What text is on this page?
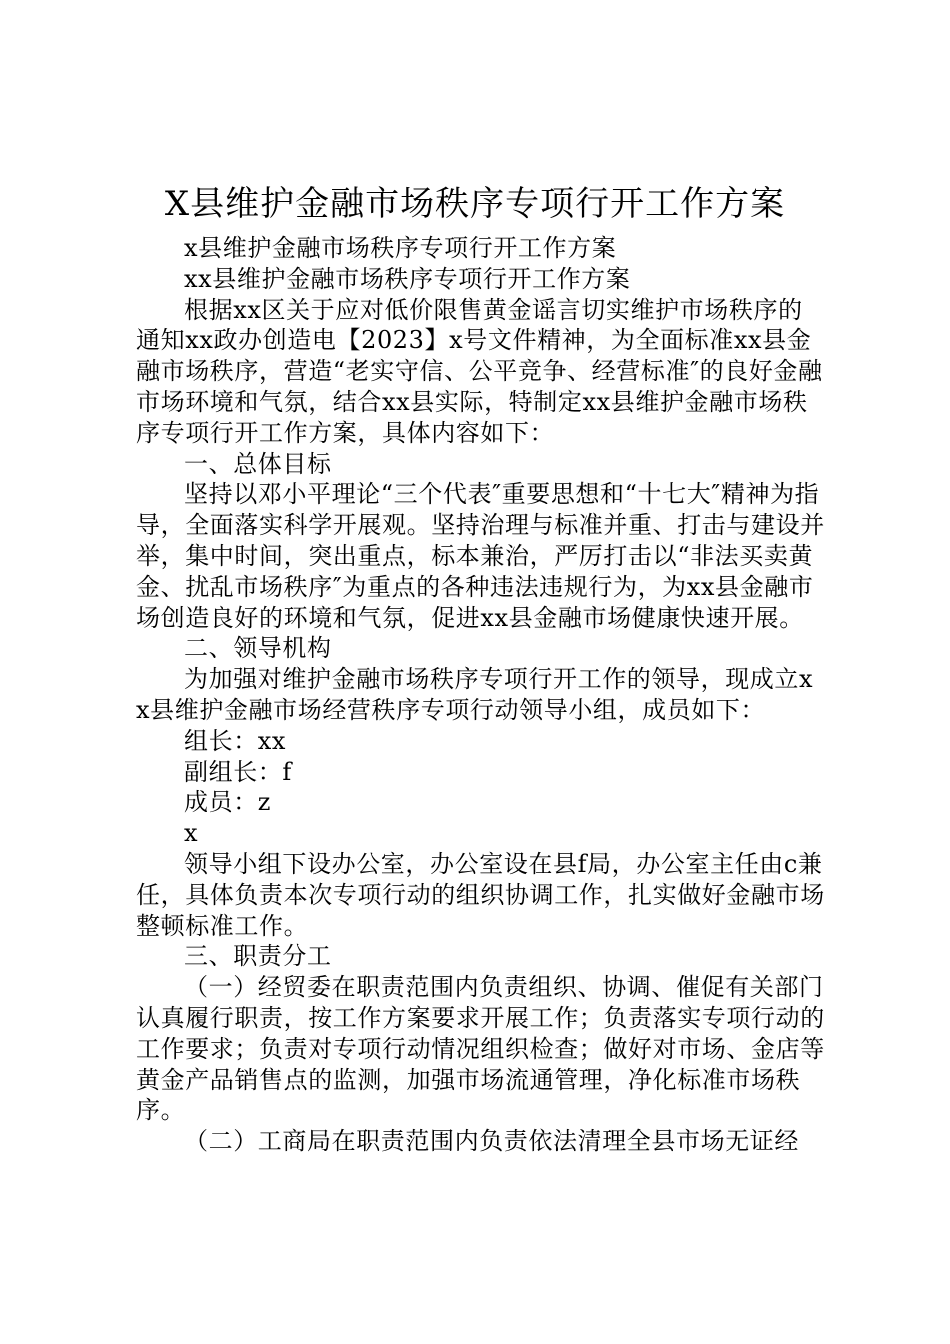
X县维护金融市场秩序专项行开工作方案

x县维护金融市场秩序专项行开工作方案

xx县维护金融市场秩序专项行开工作方案

根据xx区关于应对低价限售黄金谣言切实维护市场秩序的通知xx政办创造电【2023】x号文件精神，为全面标准xx县金融市场秩序，营造“老实守信、公平竞争、经营标准″的良好金融市场环境和气氛，结合xx县实际，特制定xx县维护金融市场秩序专项行开工作方案，具体内容如下：

一、总体目标

坚持以邓小平理论“三个代表″重要思想和“十七大″精神为指导，全面落实科学开展观。坚持治理与标准并重、打击与建设并举，集中时间，突出重点，标本兼治，严厉打击以“非法买卖黄金、扰乱市场秩序″为重点的各种违法违规行为，为xx县金融市场创造良好的环境和气氛，促进xx县金融市场健康快速开展。

二、领导机构

为加强对维护金融市场秩序专项行开工作的领导，现成立xx县维护金融市场经营秩序专项行动领导小组，成员如下：

组长：xx

副组长：f

成员：z

x

领导小组下设办公室，办公室设在县f局，办公室主任由c兼任，具体负责本次专项行动的组织协调工作，扎实做好金融市场整顿标准工作。

三、职责分工

（一）经贸委在职责范围内负责组织、协调、催促有关部门认真履行职责，按工作方案要求开展工作；负责落实专项行动的工作要求；负责对专项行动情况组织检查；做好对市场、金店等黄金产品销售点的监测，加强市场流通管理，净化标准市场秩序。

（二）工商局在职责范围内负责依法清理全县市场无证经
